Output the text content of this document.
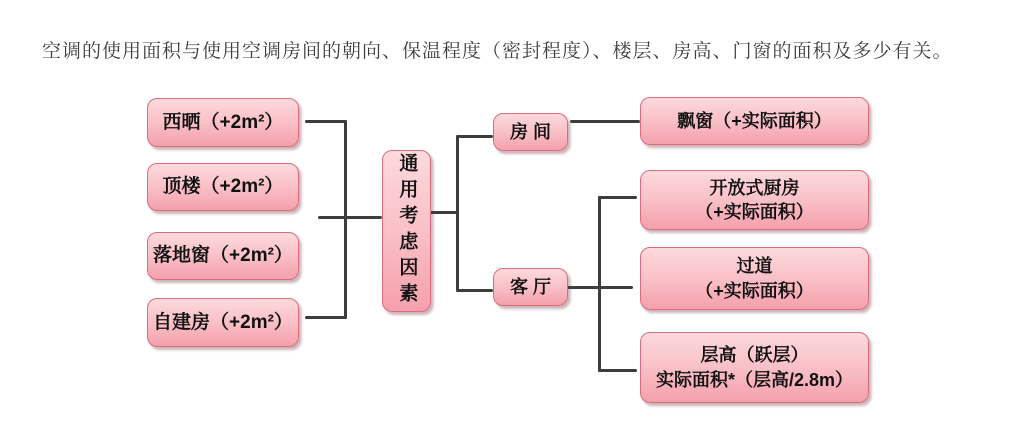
空调的使用面积与使用空调房间的朝向、保温程度（密封程度）、楼层、房高、门窗的面积及多少有关。
西晒（+2m²）
顶楼（+2m²）
落地窗（+2m²）
自建房（+2m²）
通用考虑因素
房 间
客 厅
飘窗（+实际面积）
开放式厨房
（+实际面积）
过道
（+实际面积）
层高（跃层）
实际面积*（层高/2.8m）
